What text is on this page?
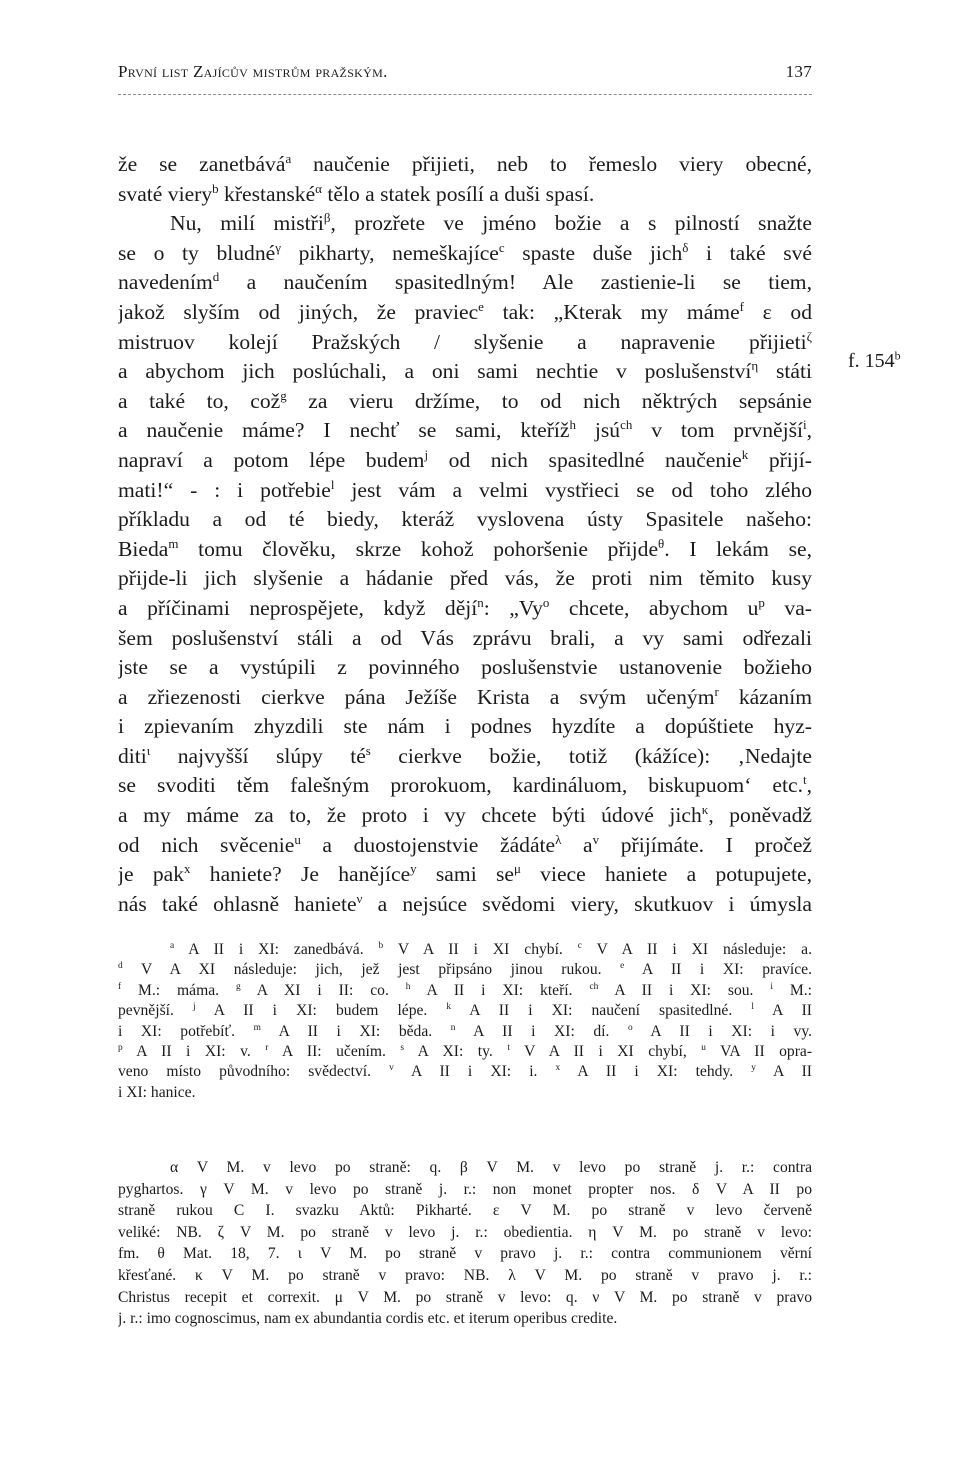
První list Zajícův mistrům pražským.	137
že se zanetbává$^a$ naučenie přijieti, neb to řemeslo viery obecné,
svaté viery$^b$ křestanské$^\alpha$ tělo a statek posílí a duši spasí.
Nu, milí mistři$^\beta$, prozřete ve jméno božie a s pilností snažte
se o ty bludné$^\gamma$ pikharty, nemeškajíce$^c$ spaste duše jich$^\delta$ i také své
navedením$^d$ a naučením spasitedlným! Ale zastienie-li se tiem,
jakož slyším od jiných, že praviec$^e$ tak: „Kterak my máme$^f$ ε od
mistruov kolejí Pražských / slyšenie a napravenie přijieti$^\zeta$
a abychom jich poslúchali, a oni sami nechtie v poslušenství$^\eta$ státi
a také to, což$^g$ za vieru držíme, to od nich něktrých sepsánie
a naučenie máme? I nechť se sami, kteříž$^h$ jsú$^{ch}$ v tom prvnější$^i$,
napraví a potom lépe budem$^j$ od nich spasitedlné naučenie$^k$ přijí-
mati!“ - : i potřebie$^l$ jest vám a velmi vystřieci se od toho zlého
příkladu a od té biedy, kteráž vyslovena ústy Spasitele našeho:
Bieda$^m$ tomu člověku, skrze kohož pohoršenie přijde$^\theta$. I lekám se,
přijde-li jich slyšenie a hádanie před vás, že proti nim těmito kusy
a příčinami neprospějete, když dějí$^n$: „Vy$^o$ chcete, abychom $u^p$ va-
šem poslušenství stáli a od Vás zprávu brali, a vy sami odřezali
jste se a vystúpili z povinného poslušenstvie ustanovenie božieho
a zřiezenosti cierkve pána Ježíše Krista a svým učeným$^r$ kázaním
i zpievaním zhyzdili ste nám i podnes hyzdíte a dopúštiete hyz-
diti$^\iota$ najvyšší slúpy $té^s$ cierkve božie, totiž (kážíce): ‚Nedajte
se svoditi těm falešným prorokuom, kardináluom, biskupuom‘ etc.$^t$,
a my máme za to, že proto i vy chcete býti údové jich$^\kappa$, poněvadž
od nich svěcenie$^u$ a duostojenstvie žádáte$^\lambda$ $a^v$ přijímáte. I pročež
je pak$^x$ haniete? Je hanějíce$^y$ sami $se^\mu$ viece haniete a potupujete,
nás také ohlasně haniete$^\nu$ a nejsúce svědomi viery, skutkuov i úmysla
f. 154$^b$
$^a$ A II i XI: zanedbává. $^b$ V A II i XI chybí. $^c$ V A II i XI následuje: a.
$^d$ V A XI následuje: jich, jež jest připsáno jinou rukou. $^e$ A II i XI: pravíce.
$^f$ M.: máma. $^g$ A XI i II: co. $^h$ A II i XI: kteří. $^{ch}$ A II i XI: sou. $^i$ M.:
pevnější. $^j$ A II i XI: budem lépe. $^k$ A II i XI: naučení spasitedlné. $^l$ A II
i XI: potřebíť. $^m$ A II i XI: běda. $^n$ A II i XI: dí. $^o$ A II i XI: i vy.
$^p$ A II i XI: v. $^r$ A II: učením. $^s$ A XI: ty. $^t$ V A II i XI chybí, $^u$ VA II opra-
veno místo původního: svědectví. $^v$ A II i XI: i. $^x$ A II i XI: tehdy. $^y$ A II
i XI: hanice.
α V M. v levo po straně: q. β V M. v levo po straně j. r.: contra
pyghartos. γ V M. v levo po straně j. r.: non monet propter nos. δ V A II po
straně rukou C I. svazku Aktů: Pikharté. ε V M. po straně v levo červeně
veliké: NB. ζ V M. po straně v levo j. r.: obedientia. η V M. po straně v levo:
fm. θ Mat. 18, 7. ι V M. po straně v pravo j. r.: contra communionem věrní
křesťané. κ V M. po straně v pravo: NB. λ V M. po straně v pravo j. r.:
Christus recepit et correxit. μ V M. po straně v levo: q. ν V M. po straně v pravo
j. r.: imo cognoscimus, nam ex abundantia cordis etc. et iterum operibus credite.
